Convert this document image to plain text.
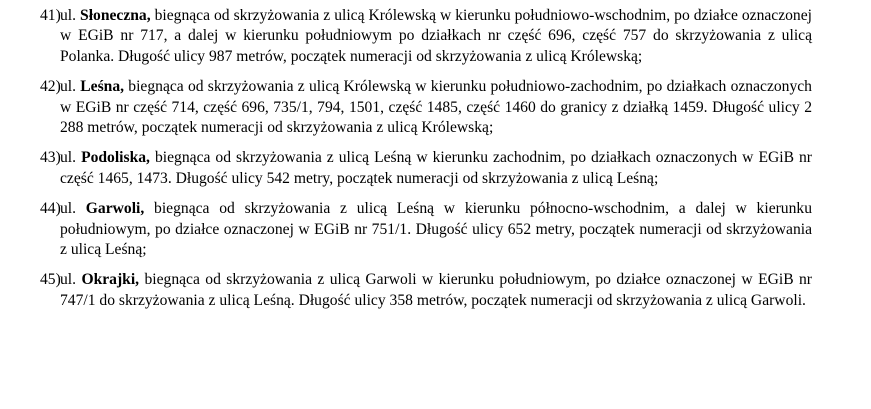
41) ul. Słoneczna, biegnąca od skrzyżowania z ulicą Królewską w kierunku południowo-wschodnim, po działce oznaczonej w EGiB nr 717, a dalej w kierunku południowym po działkach nr część 696, część 757 do skrzyżowania z ulicą Polanka. Długość ulicy 987 metrów, początek numeracji od skrzyżowania z ulicą Królewską;
42) ul. Leśna, biegnąca od skrzyżowania z ulicą Królewską w kierunku południowo-zachodnim, po działkach oznaczonych w EGiB nr część 714, część 696, 735/1, 794, 1501, część 1485, część 1460 do granicy z działką 1459. Długość ulicy 2 288 metrów, początek numeracji od skrzyżowania z ulicą Królewską;
43) ul. Podoliska, biegnąca od skrzyżowania z ulicą Leśną w kierunku zachodnim, po działkach oznaczonych w EGiB nr część 1465, 1473. Długość ulicy 542 metry, początek numeracji od skrzyżowania z ulicą Leśną;
44) ul. Garwoli, biegnąca od skrzyżowania z ulicą Leśną w kierunku północno-wschodnim, a dalej w kierunku południowym, po działce oznaczonej w EGiB nr 751/1. Długość ulicy 652 metry, początek numeracji od skrzyżowania z ulicą Leśną;
45) ul. Okrajki, biegnąca od skrzyżowania z ulicą Garwoli w kierunku południowym, po działce oznaczonej w EGiB nr 747/1 do skrzyżowania z ulicą Leśną. Długość ulicy 358 metrów, początek numeracji od skrzyżowania z ulicą Garwoli.
